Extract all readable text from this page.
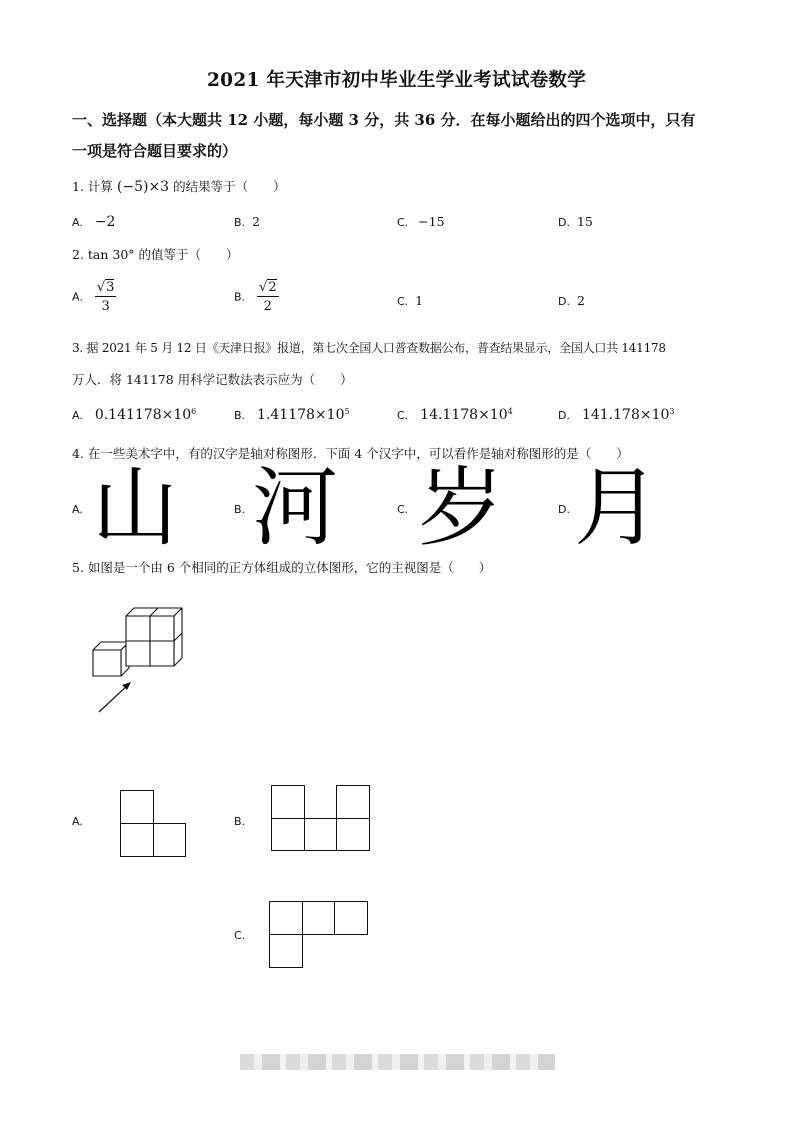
2021 年天津市初中毕业生学业考试试卷数学
一、选择题（本大题共 12 小题，每小题 3 分，共 36 分．在每小题给出的四个选项中，只有
一项是符合题目要求的）
1. 计算 (−5)×3 的结果等于（　　）
A. −2	B. 2	C. −15	D. 15
2. tan 30° 的值等于（　　）
A. $\frac{√3}{3}$	B. $\frac{√2}{2}$	C. 1	D. 2
3. 据 2021 年 5 月 12 日《天津日报》报道，第七次全国人口普查数据公布，普查结果显示，全国人口共 141178
万人．将 141178 用科学记数法表示应为（　　）
A. $0.141178\times 10^6$	B. $1.41178\times 10^5$	C. $14.1178\times 10^4$	D. $141.178\times 10^3$
4. 在一些美术字中，有的汉字是轴对称图形．下面 4 个汉字中，可以看作是轴对称图形的是（　　）
A. 山	B. 河	C. 岁	D. 月
5. 如图是一个由 6 个相同的正方体组成的立体图形，它的主视图是（　　）
A.	B.
C.
